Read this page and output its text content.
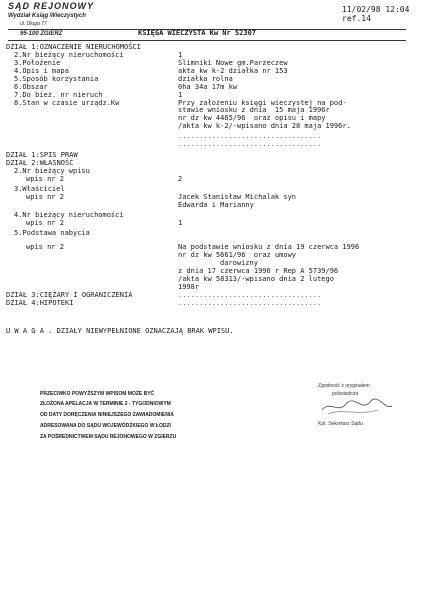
SĄD REJONOWY
Wydział Ksiąg Wieczystych
ul. Długa 77
95-100 ZGIERZ
11/02/98 12:04
ref.14
KSIĘGA WIECZYSTA Kw Nr 52307
DZIAŁ 1:OZNACZENIE NIERUCHOMOŚCI
2.Nr bieżący nieruchomości	1
3.Położenie	Ślimniki Nowe gm.Parzeczew
4.Opis i mapa	akta kw k-2 działka nr 153
5.Sposób korzystania	działka rolna
6.Obszar	0ha 34a 17m kw
7.Do bież. nr nieruch	1
8.Stan w czasie urządz.Kw	Przy założeniu księgi wieczystej na pod-
stawie wniosku z dnia  15 maja 1996r
nr dz kw 4465/96  oraz opisu i mapy
/akta kw k-2/-wpisano dnia 28 maja 1996r.
..................................
..................................
DZIAŁ 1:SPIS PRAW
DZIAŁ 2:WŁASNOŚĆ
2.Nr bieżący wpisu
wpis nr 2	2
3.Właściciel
wpis nr 2	Jacek Stanisław Michalak syn
Edwarda i Marianny
4.Nr bieżący nieruchomości
wpis nr 2	1
5.Podstawa nabycia
wpis nr 2	Na podstawie wniosku z dnia 19 czerwca 1996
nr dz kw 5661/96  oraz umowy
darowizny
z dnia 17 czerwca 1996 r Rep A 5739/96
/akta kw 58313/-wpisano dnia 2 lutego
1998r
DZIAŁ 3:CIĘŻARY I OGRANICZENIA
DZIAŁ 4:HIPOTEKI
..................................
..................................
U W A G A . DZIAŁY NIEWYPEŁNIONE OZNACZAJĄ BRAK WPISU.
PRZECIWKO POWYŻSZYM WPISOM MOŻE BYĆ
ZŁOŻONA APELACJA W TERMINIE 2 - TYGODNIOWYM
OD DATY DORĘCZENIA NINIEJSZEGO ZAWIADOMIENIA
ADRESOWANA DO SĄDU WOJEWÓDZKIEGO W ŁODZI
ZA POŚREDNICTWEM SĄDU REJONOWEGO W ZGIERZU
Zgodność z oryginałem
poświadcza
Kpt. Sekretarz Sądu
